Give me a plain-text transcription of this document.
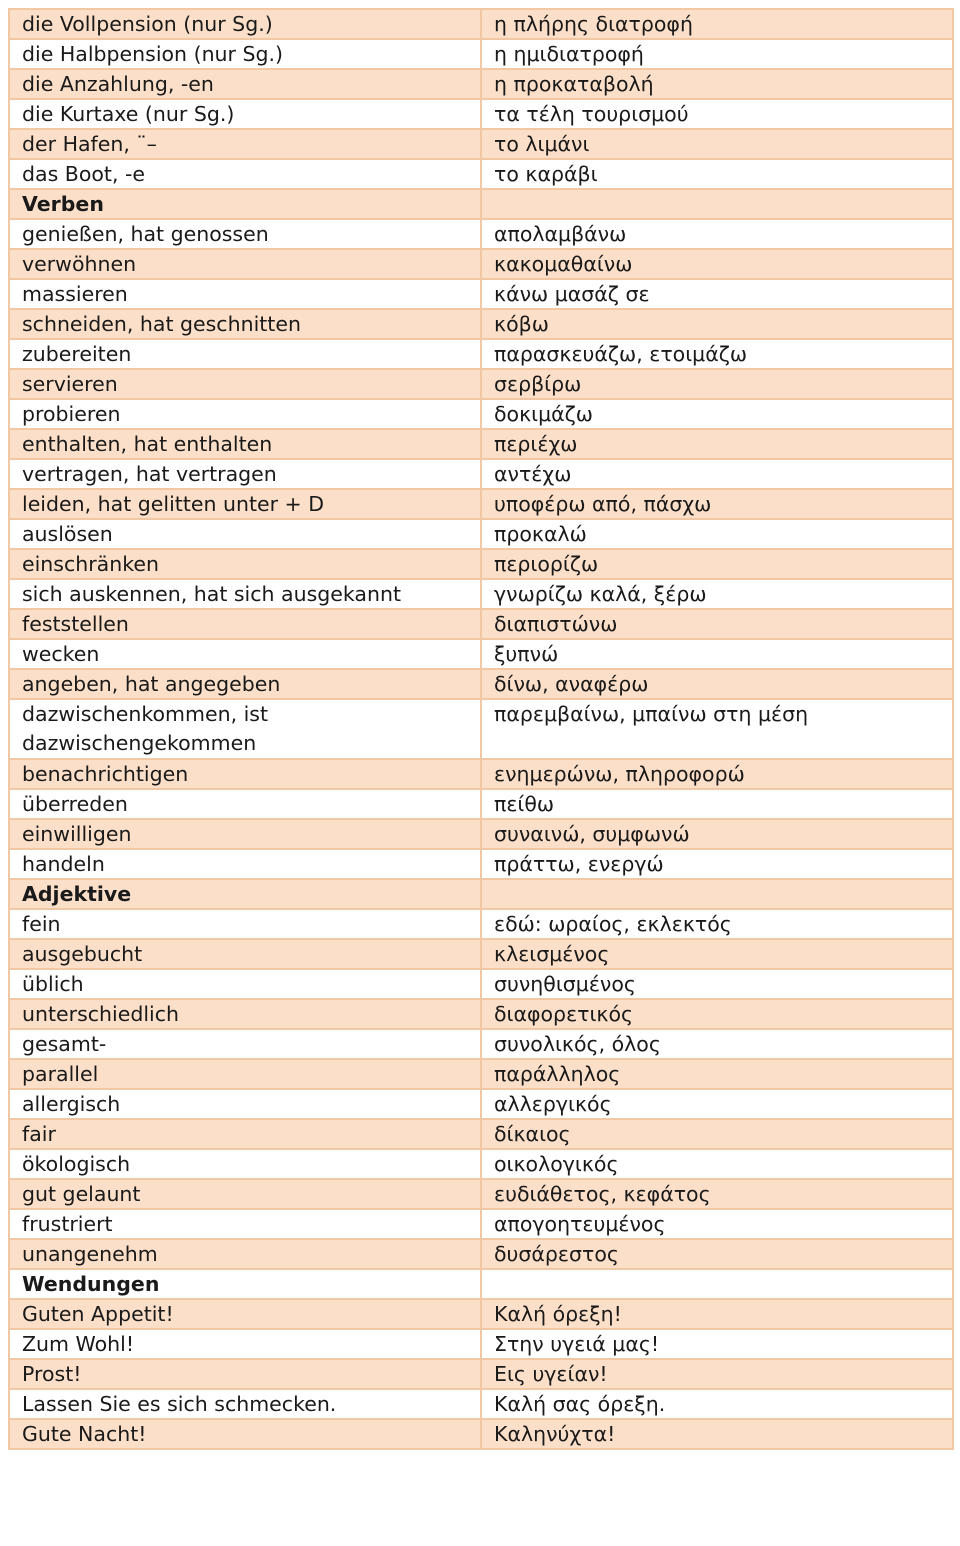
die Vollpension (nur Sg.)	η πλήρης διατροφή
die Halbpension (nur Sg.)	η ημιδιατροφή
die Anzahlung, -en	η προκαταβολή
die Kurtaxe (nur Sg.)	τα τέλη τουρισμού
der Hafen, ¨–	το λιμάνι
das Boot, -e	το καράβι
Verben	
genießen, hat genossen	απολαμβάνω
verwöhnen	κακομαθαίνω
massieren	κάνω μασάζ σε
schneiden, hat geschnitten	κόβω
zubereiten	παρασκευάζω, ετοιμάζω
servieren	σερβίρω
probieren	δοκιμάζω
enthalten, hat enthalten	περιέχω
vertragen, hat vertragen	αντέχω
leiden, hat gelitten unter + D	υποφέρω από, πάσχω
auslösen	προκαλώ
einschränken	περιορίζω
sich auskennen, hat sich ausgekannt	γνωρίζω καλά, ξέρω
feststellen	διαπιστώνω
wecken	ξυπνώ
angeben, hat angegeben	δίνω, αναφέρω
dazwischenkommen, ist dazwischengekommen	παρεμβαίνω, μπαίνω στη μέση
benachrichtigen	ενημερώνω, πληροφορώ
überreden	πείθω
einwilligen	συναινώ, συμφωνώ
handeln	πράττω, ενεργώ
Adjektive	
fein	εδώ: ωραίος, εκλεκτός
ausgebucht	κλεισμένος
üblich	συνηθισμένος
unterschiedlich	διαφορετικός
gesamt-	συνολικός, όλος
parallel	παράλληλος
allergisch	αλλεργικός
fair	δίκαιος
ökologisch	οικολογικός
gut gelaunt	ευδιάθετος, κεφάτος
frustriert	απογοητευμένος
unangenehm	δυσάρεστος
Wendungen	
Guten Appetit!	Καλή όρεξη!
Zum Wohl!	Στην υγειά μας!
Prost!	Εις υγείαν!
Lassen Sie es sich schmecken.	Καλή σας όρεξη.
Gute Nacht!	Καληνύχτα!
